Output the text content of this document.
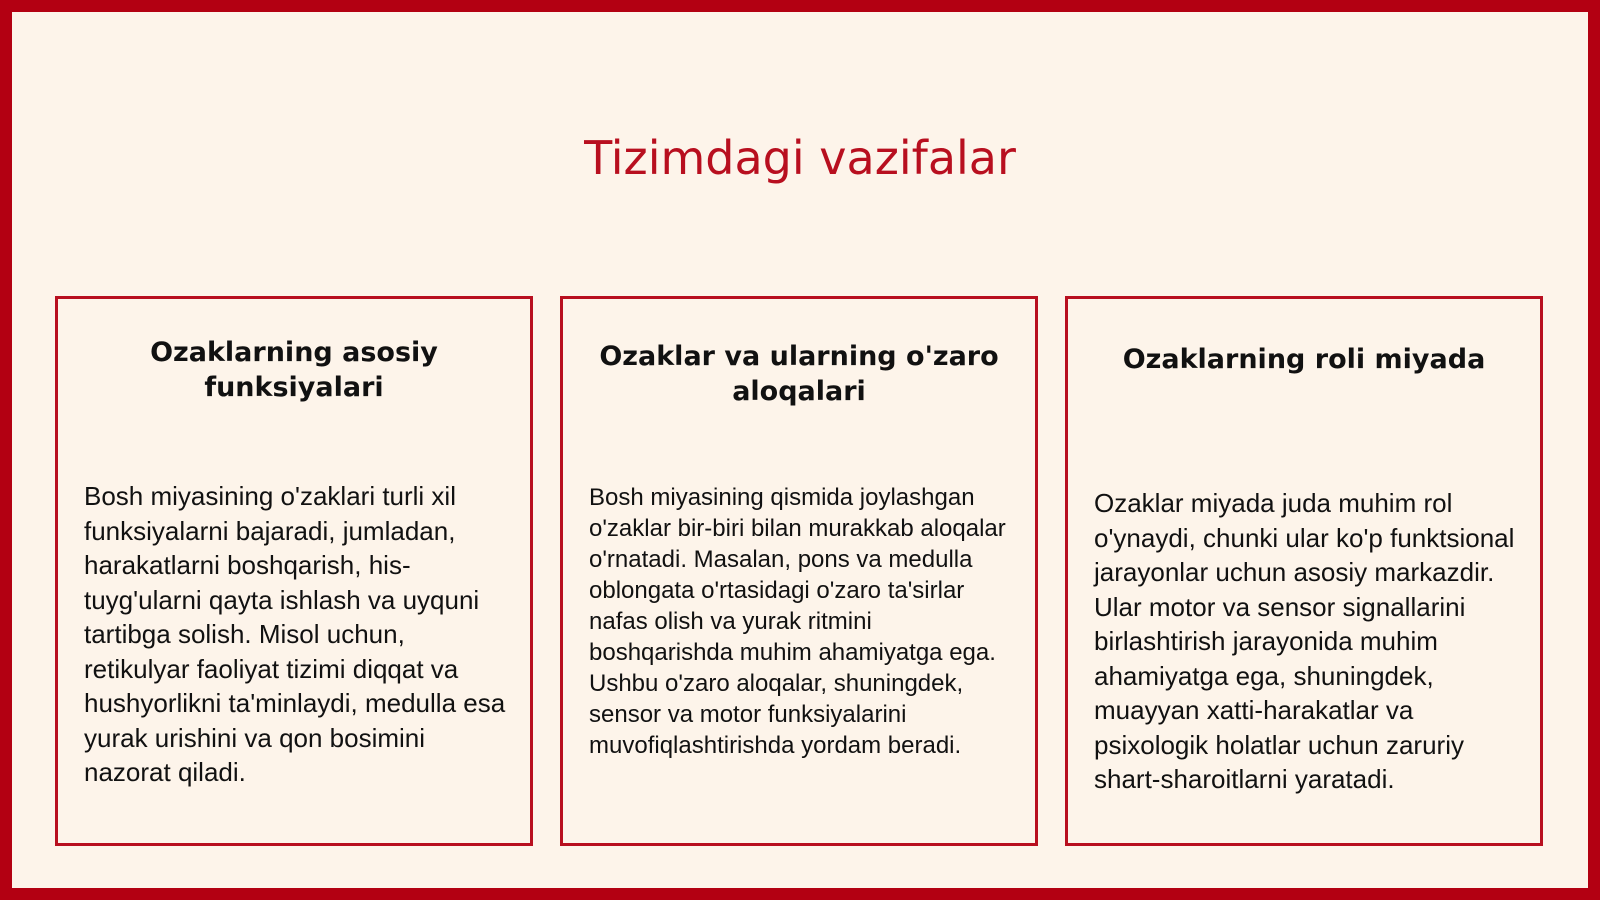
Tizimdagi vazifalar
Ozaklarning asosiy funksiyalari

Bosh miyasining o'zaklari turli xil funksiyalarni bajaradi, jumladan, harakatlarni boshqarish, his-tuyg'ularni qayta ishlash va uyquni tartibga solish. Misol uchun, retikulyar faoliyat tizimi diqqat va hushyorlikni ta'minlaydi, medulla esa yurak urishini va qon bosimini nazorat qiladi.

Ozaklar va ularning o'zaro aloqalari

Bosh miyasining qismida joylashgan o'zaklar bir-biri bilan murakkab aloqalar o'rnatadi. Masalan, pons va medulla oblongata o'rtasidagi o'zaro ta'sirlar nafas olish va yurak ritmini boshqarishda muhim ahamiyatga ega. Ushbu o'zaro aloqalar, shuningdek, sensor va motor funksiyalarini muvofiqlashtirishda yordam beradi.

Ozaklarning roli miyada

Ozaklar miyada juda muhim rol o'ynaydi, chunki ular ko'p funktsional jarayonlar uchun asosiy markazdir. Ular motor va sensor signallarini birlashtirish jarayonida muhim ahamiyatga ega, shuningdek, muayyan xatti-harakatlar va psixologik holatlar uchun zaruriy shart-sharoitlarni yaratadi.
